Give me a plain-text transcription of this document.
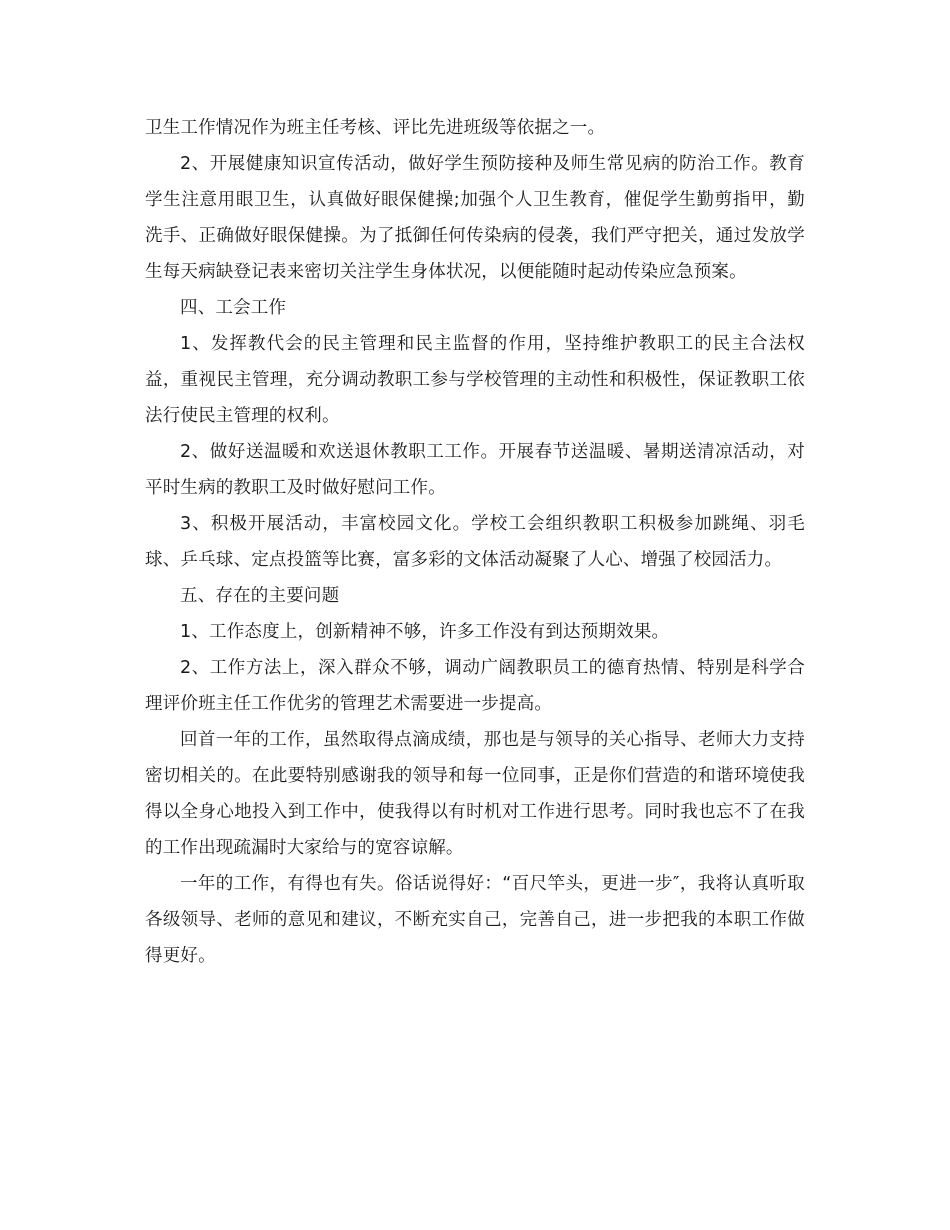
卫生工作情况作为班主任考核、评比先进班级等依据之一。

2、开展健康知识宣传活动，做好学生预防接种及师生常见病的防治工作。教育学生注意用眼卫生，认真做好眼保健操;加强个人卫生教育，催促学生勤剪指甲，勤洗手、正确做好眼保健操。为了抵御任何传染病的侵袭，我们严守把关，通过发放学生每天病缺登记表来密切关注学生身体状况，以便能随时起动传染应急预案。

四、工会工作

1、发挥教代会的民主管理和民主监督的作用，坚持维护教职工的民主合法权益，重视民主管理，充分调动教职工参与学校管理的主动性和积极性，保证教职工依法行使民主管理的权利。

2、做好送温暖和欢送退休教职工工作。开展春节送温暖、暑期送清凉活动，对平时生病的教职工及时做好慰问工作。

3、积极开展活动，丰富校园文化。学校工会组织教职工积极参加跳绳、羽毛球、乒乓球、定点投篮等比赛，富多彩的文体活动凝聚了人心、增强了校园活力。

五、存在的主要问题

1、工作态度上，创新精神不够，许多工作没有到达预期效果。

2、工作方法上，深入群众不够，调动广阔教职员工的德育热情、特别是科学合理评价班主任工作优劣的管理艺术需要进一步提高。

回首一年的工作，虽然取得点滴成绩，那也是与领导的关心指导、老师大力支持密切相关的。在此要特别感谢我的领导和每一位同事，正是你们营造的和谐环境使我得以全身心地投入到工作中，使我得以有时机对工作进行思考。同时我也忘不了在我的工作出现疏漏时大家给与的宽容谅解。

一年的工作，有得也有失。俗话说得好：“百尺竿头，更进一步″，我将认真听取各级领导、老师的意见和建议，不断充实自己，完善自己，进一步把我的本职工作做得更好。
